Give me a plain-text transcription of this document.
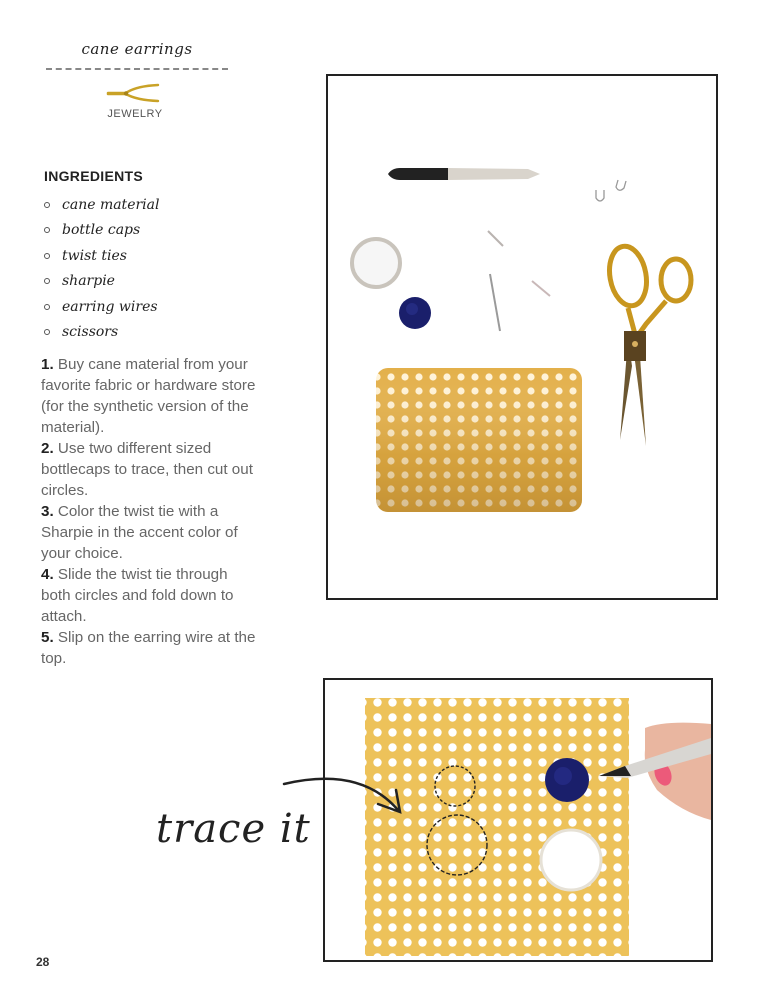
cane earrings
JEWELRY
INGREDIENTS
cane material
bottle caps
twist ties
sharpie
earring wires
scissors
1. Buy cane material from your favorite fabric or hardware store (for the synthetic version of the material).
2. Use two different sized bottlecaps to trace, then cut out circles.
3. Color the twist tie with a Sharpie in the accent color of your choice.
4. Slide the twist tie through both circles and fold down to attach.
5. Slip on the earring wire at the top.
trace it
28
